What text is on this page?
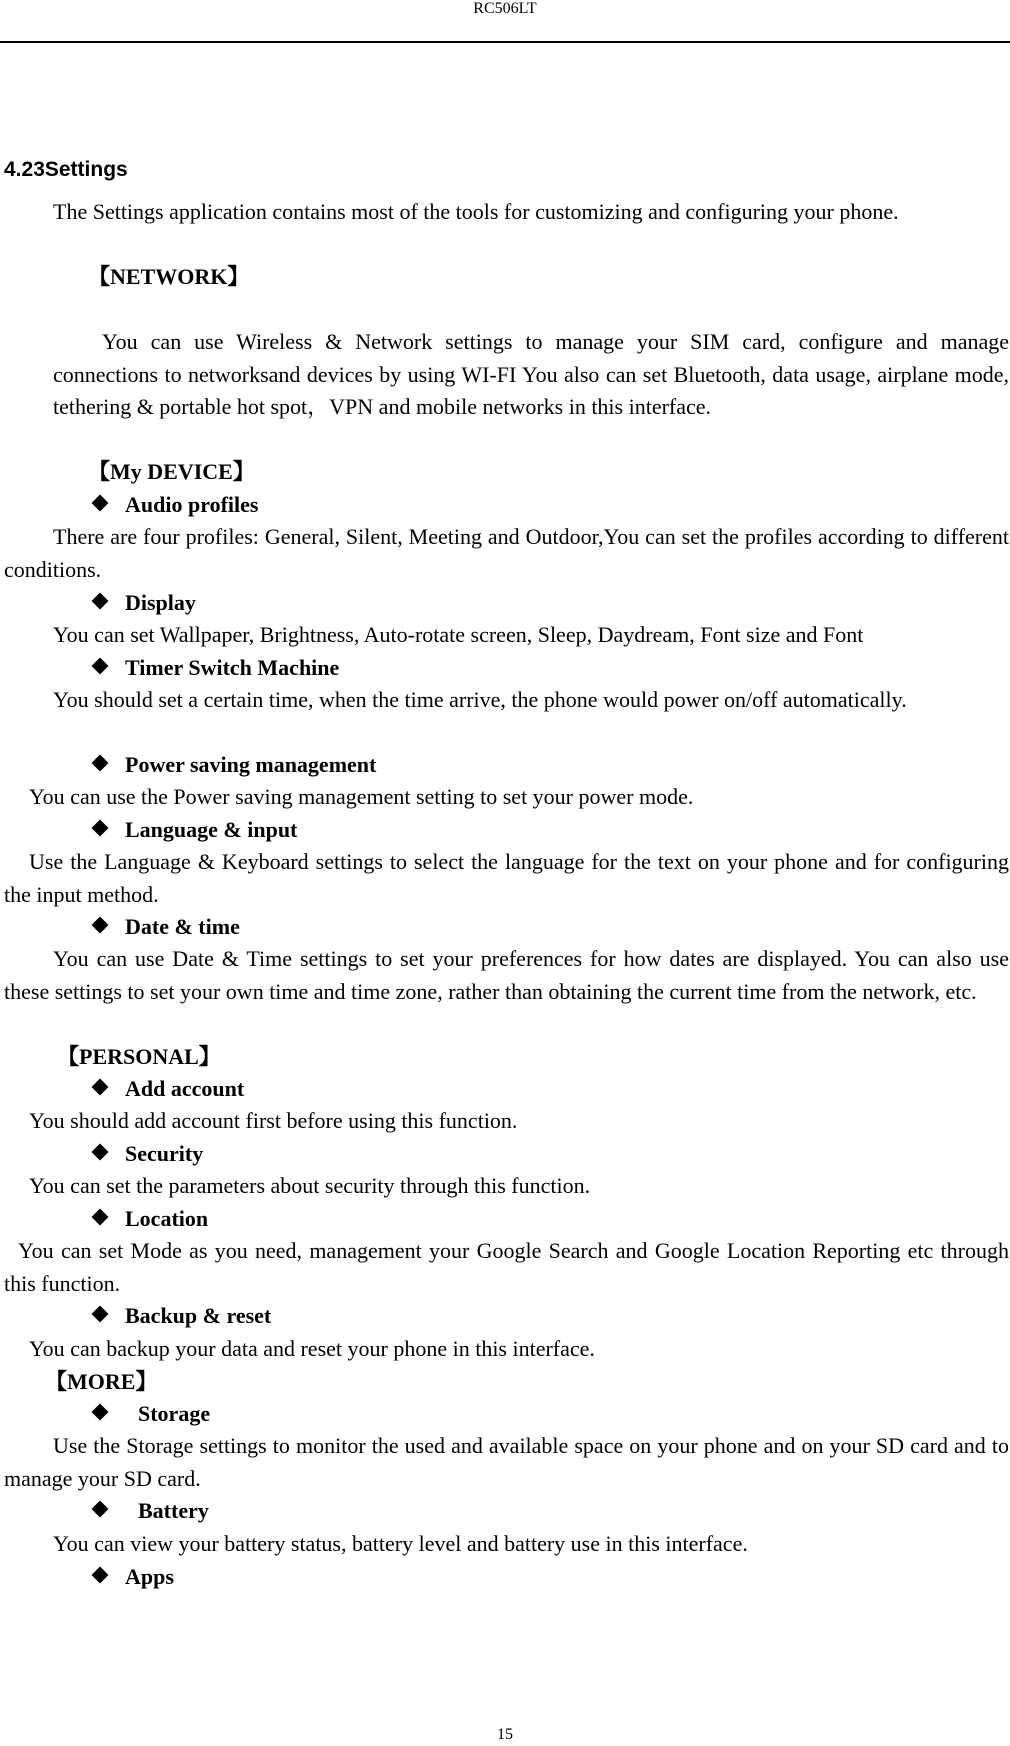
RC506LT
4.23Settings
The Settings application contains most of the tools for customizing and configuring your phone.
【NETWORK】
You can use Wireless & Network settings to manage your SIM card, configure and manage connections to networksand devices by using WI-FI You also can set Bluetooth, data usage, airplane mode, tethering & portable hot spot，VPN and mobile networks in this interface.
【My DEVICE】
Audio profiles
There are four profiles: General, Silent, Meeting and Outdoor,You can set the profiles according to different conditions.
Display
You can set Wallpaper, Brightness, Auto-rotate screen, Sleep, Daydream, Font size and Font
Timer Switch Machine
You should set a certain time, when the time arrive, the phone would power on/off automatically.
Power saving management
You can use the Power saving management setting to set your power mode.
Language & input
Use the Language & Keyboard settings to select the language for the text on your phone and for configuring the input method.
Date & time
You can use Date & Time settings to set your preferences for how dates are displayed. You can also use these settings to set your own time and time zone, rather than obtaining the current time from the network, etc.
【PERSONAL】
Add account
You should add account first before using this function.
Security
You can set the parameters about security through this function.
Location
You can set Mode as you need, management your Google Search and Google Location Reporting etc through this function.
Backup & reset
You can backup your data and reset your phone in this interface.
【MORE】
Storage
Use the Storage settings to monitor the used and available space on your phone and on your SD card and to manage your SD card.
Battery
You can view your battery status, battery level and battery use in this interface.
Apps
15
